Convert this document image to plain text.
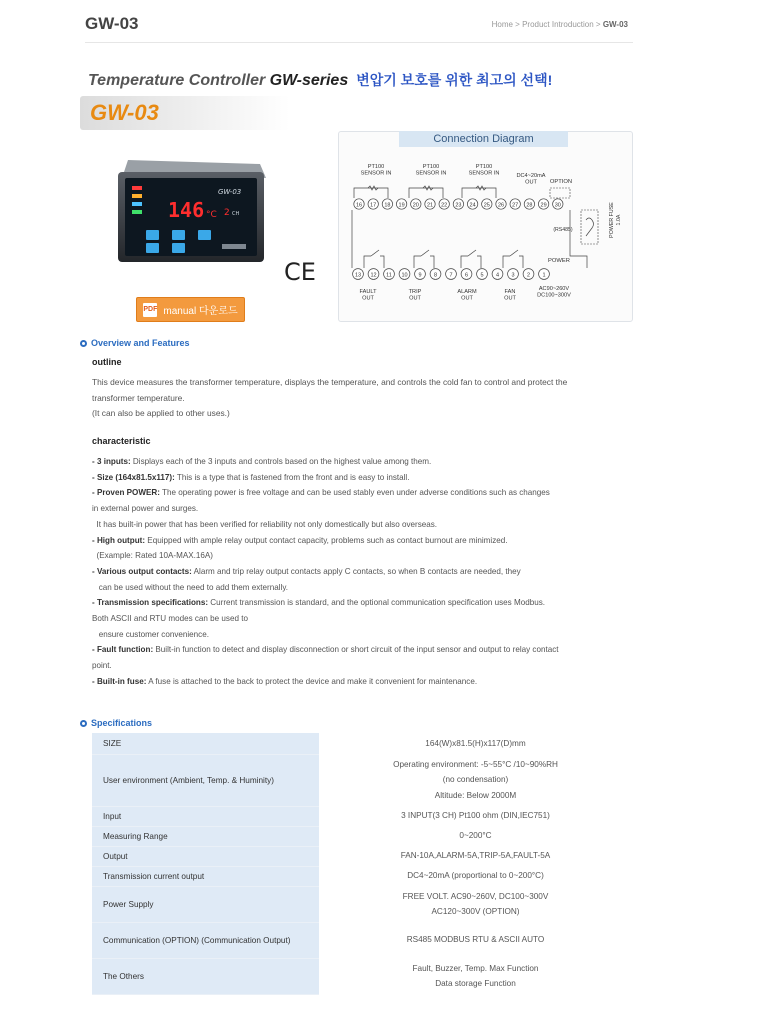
GW-03	Home > Product Introduction > GW-03
Temperature Controller GW-series 변압기 보호를 위한 최고의 선택!
GW-03
146 °C 2 CH
GW-03
CE
PDF manual 다운로드
Connection Diagram
16 17 18 19 20 21 22 23 24 25 26 27 28 29 30
13 12 11 10 9 8 7 6 5 4 3 2 1
PT100
SENSOR IN
PT100
SENSOR IN
PT100
SENSOR IN	DC4~20mA
OUT OPTION
(RS485)	POWER FUSE 1.0A
POWER
FAULT
OUT
TRIP
OUT
ALARM
OUT
FAN
OUT
AC90~260V
DC100~300V
Overview and Features
outline

This device measures the transformer temperature, displays the temperature, and controls the cold fan to control and protect the

transformer temperature.

(It can also be applied to other uses.)

characteristic

- 3 inputs: Displays each of the 3 inputs and controls based on the highest value among them.

- Size (164x81.5x117): This is a type that is fastened from the front and is easy to install.

- Proven POWER: The operating power is free voltage and can be used stably even under adverse conditions such as changes

in external power and surges.

It has built-in power that has been verified for reliability not only domestically but also overseas.

- High output: Equipped with ample relay output contact capacity, problems such as contact burnout are minimized.

(Example: Rated 10A-MAX.16A)

- Various output contacts: Alarm and trip relay output contacts apply C contacts, so when B contacts are needed, they

can be used without the need to add them externally.

- Transmission specifications: Current transmission is standard, and the optional communication specification uses Modbus.

Both ASCII and RTU modes can be used to

ensure customer convenience.

- Fault function: Built-in function to detect and display disconnection or short circuit of the input sensor and output to relay contact

point.

- Built-in fuse: A fuse is attached to the back to protect the device and make it convenient for maintenance.

Specifications
SIZE	164(W)x81.5(H)x117(D)mm

User environment (Ambient, Temp. & Huminity)	Operating environment: -5~55°C /10~90%RH
(no condensation)
Altitude: Below 2000M

Input	3 INPUT(3 CH) Pt100 ohm (DIN,IEC751)

Measuring Range	0~200°C

Output	FAN-10A,ALARM-5A,TRIP-5A,FAULT-5A

Transmission current output	DC4~20mA (proportional to 0~200°C)

Power Supply	FREE VOLT. AC90~260V, DC100~300V
AC120~300V (OPTION)

Communication (OPTION) (Communication Output)	RS485 MODBUS RTU & ASCII AUTO

The Others	Fault, Buzzer, Temp. Max Function
Data storage Function
